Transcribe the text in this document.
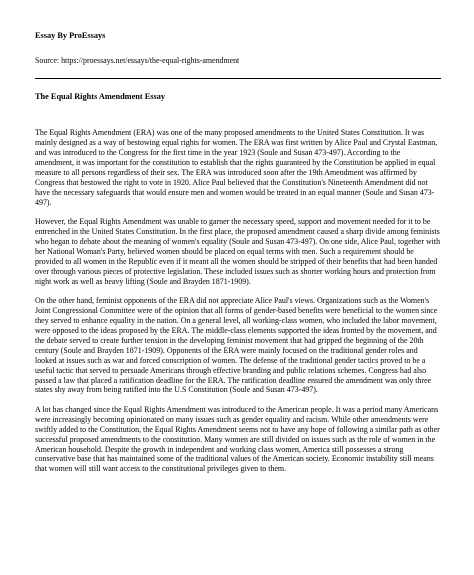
Essay By ProEssays
Source: https://proessays.net/essays/the-equal-rights-amendment
The Equal Rights Amendment Essay

The Equal Rights Amendment (ERA) was one of the many proposed amendments to the United States Constitution. It was mainly designed as a way of bestowing equal rights for women. The ERA was first written by Alice Paul and Crystal Eastman, and was introduced to the Congress for the first time in the year 1923 (Soule and Susan 473-497). According to the amendment, it was important for the constitution to establish that the rights guaranteed by the Constitution be applied in equal measure to all persons regardless of their sex. The ERA was introduced soon after the 19th Amendment was affirmed by Congress that bestowed the right to vote in 1920. Alice Paul believed that the Constitution's Nineteenth Amendment did not have the necessary safeguards that would ensure men and women would be treated in an equal manner (Soule and Susan 473-497).

However, the Equal Rights Amendment was unable to garner the necessary speed, support and movement needed for it to be entrenched in the United States Constitution. In the first place, the proposed amendment caused a sharp divide among feminists who began to debate about the meaning of women's equality (Soule and Susan 473-497). On one side, Alice Paul, together with her National Woman's Party, believed women should be placed on equal terms with men. Such a requirement should be provided to all women in the Republic even if it meant all the women should be stripped of their benefits that had been handed over through various pieces of protective legislation. These included issues such as shorter working hours and protection from night work as well as heavy lifting (Soule and Brayden 1871-1909).

On the other hand, feminist opponents of the ERA did not appreciate Alice Paul's views. Organizations such as the Women's Joint Congressional Committee were of the opinion that all forms of gender-based benefits were beneficial to the women since they served to enhance equality in the nation. On a general level, all working-class women, who included the labor movement, were opposed to the ideas proposed by the ERA. The middle-class elements supported the ideas fronted by the movement, and the debate served to create further tension in the developing feminist movement that had gripped the beginning of the 20th century (Soule and Brayden 1871-1909). Opponents of the ERA were mainly focused on the traditional gender roles and looked at issues such as war and forced conscription of women. The defense of the traditional gender tactics proved to be a useful tactic that served to persuade Americans through effective branding and public relations schemes. Congress had also passed a law that placed a ratification deadline for the ERA. The ratification deadline ensured the amendment was only three states shy away from being ratified into the U.S Constitution (Soule and Susan 473-497).

A lot has changed since the Equal Rights Amendment was introduced to the American people. It was a period many Americans were increasingly becoming opinionated on many issues such as gender equality and racism. While other amendments were swiftly added to the Constitution, the Equal Rights Amendment seems not to have any hope of following a similar path as other successful proposed amendments to the constitution. Many women are still divided on issues such as the role of women in the American household. Despite the growth in independent and working class women, America still possesses a strong conservative base that has maintained some of the traditional values of the American society. Economic instability still means that women will still want access to the constitutional privileges given to them.
